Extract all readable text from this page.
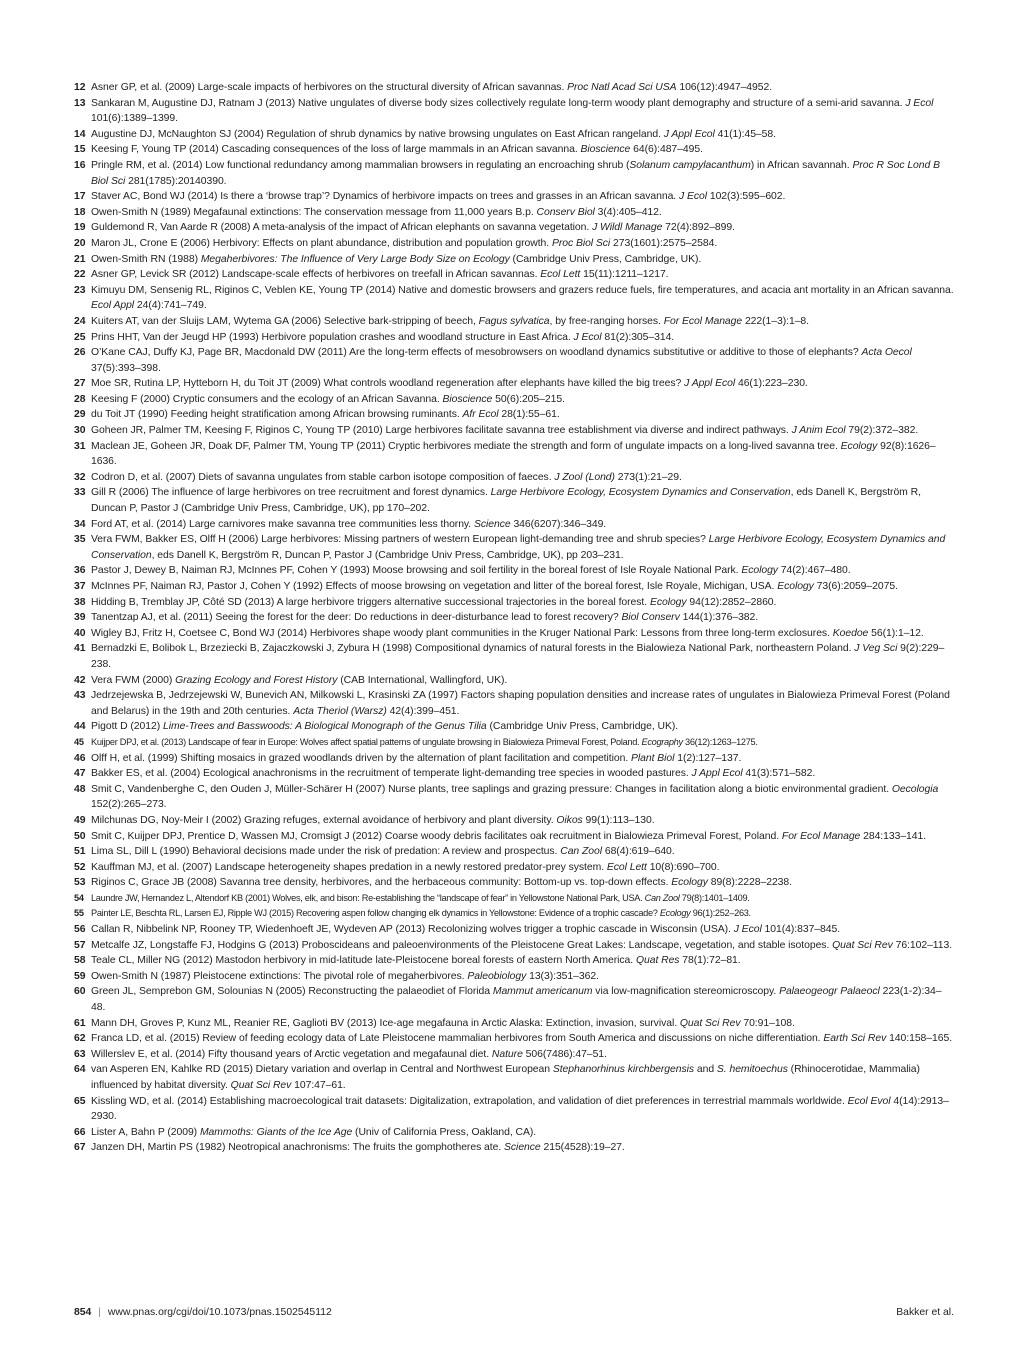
12 Asner GP, et al. (2009) Large-scale impacts of herbivores on the structural diversity of African savannas. Proc Natl Acad Sci USA 106(12):4947–4952.
13 Sankaran M, Augustine DJ, Ratnam J (2013) Native ungulates of diverse body sizes collectively regulate long-term woody plant demography and structure of a semi-arid savanna. J Ecol 101(6):1389–1399.
14 Augustine DJ, McNaughton SJ (2004) Regulation of shrub dynamics by native browsing ungulates on East African rangeland. J Appl Ecol 41(1):45–58.
15 Keesing F, Young TP (2014) Cascading consequences of the loss of large mammals in an African savanna. Bioscience 64(6):487–495.
16 Pringle RM, et al. (2014) Low functional redundancy among mammalian browsers in regulating an encroaching shrub (Solanum campylacanthum) in African savannah. Proc R Soc Lond B Biol Sci 281(1785):20140390.
17 Staver AC, Bond WJ (2014) Is there a ‘browse trap’? Dynamics of herbivore impacts on trees and grasses in an African savanna. J Ecol 102(3):595–602.
18 Owen-Smith N (1989) Megafaunal extinctions: The conservation message from 11,000 years B.p. Conserv Biol 3(4):405–412.
19 Guldemond R, Van Aarde R (2008) A meta-analysis of the impact of African elephants on savanna vegetation. J Wildl Manage 72(4):892–899.
20 Maron JL, Crone E (2006) Herbivory: Effects on plant abundance, distribution and population growth. Proc Biol Sci 273(1601):2575–2584.
21 Owen-Smith RN (1988) Megaherbivores: The Influence of Very Large Body Size on Ecology (Cambridge Univ Press, Cambridge, UK).
22 Asner GP, Levick SR (2012) Landscape-scale effects of herbivores on treefall in African savannas. Ecol Lett 15(11):1211–1217.
23 Kimuyu DM, Sensenig RL, Riginos C, Veblen KE, Young TP (2014) Native and domestic browsers and grazers reduce fuels, fire temperatures, and acacia ant mortality in an African savanna. Ecol Appl 24(4):741–749.
24 Kuiters AT, van der Sluijs LAM, Wytema GA (2006) Selective bark-stripping of beech, Fagus sylvatica, by free-ranging horses. For Ecol Manage 222(1–3):1–8.
25 Prins HHT, Van der Jeugd HP (1993) Herbivore population crashes and woodland structure in East Africa. J Ecol 81(2):305–314.
26 O’Kane CAJ, Duffy KJ, Page BR, Macdonald DW (2011) Are the long-term effects of mesobrowsers on woodland dynamics substitutive or additive to those of elephants? Acta Oecol 37(5):393–398.
27 Moe SR, Rutina LP, Hytteborn H, du Toit JT (2009) What controls woodland regeneration after elephants have killed the big trees? J Appl Ecol 46(1):223–230.
28 Keesing F (2000) Cryptic consumers and the ecology of an African Savanna. Bioscience 50(6):205–215.
29 du Toit JT (1990) Feeding height stratification among African browsing ruminants. Afr Ecol 28(1):55–61.
30 Goheen JR, Palmer TM, Keesing F, Riginos C, Young TP (2010) Large herbivores facilitate savanna tree establishment via diverse and indirect pathways. J Anim Ecol 79(2):372–382.
31 Maclean JE, Goheen JR, Doak DF, Palmer TM, Young TP (2011) Cryptic herbivores mediate the strength and form of ungulate impacts on a long-lived savanna tree. Ecology 92(8):1626–1636.
32 Codron D, et al. (2007) Diets of savanna ungulates from stable carbon isotope composition of faeces. J Zool (Lond) 273(1):21–29.
33 Gill R (2006) The influence of large herbivores on tree recruitment and forest dynamics. Large Herbivore Ecology, Ecosystem Dynamics and Conservation, eds Danell K, Bergström R, Duncan P, Pastor J (Cambridge Univ Press, Cambridge, UK), pp 170–202.
34 Ford AT, et al. (2014) Large carnivores make savanna tree communities less thorny. Science 346(6207):346–349.
35 Vera FWM, Bakker ES, Olff H (2006) Large herbivores: Missing partners of western European light-demanding tree and shrub species? Large Herbivore Ecology, Ecosystem Dynamics and Conservation, eds Danell K, Bergström R, Duncan P, Pastor J (Cambridge Univ Press, Cambridge, UK), pp 203–231.
36 Pastor J, Dewey B, Naiman RJ, McInnes PF, Cohen Y (1993) Moose browsing and soil fertility in the boreal forest of Isle Royale National Park. Ecology 74(2):467–480.
37 McInnes PF, Naiman RJ, Pastor J, Cohen Y (1992) Effects of moose browsing on vegetation and litter of the boreal forest, Isle Royale, Michigan, USA. Ecology 73(6):2059–2075.
38 Hidding B, Tremblay JP, Côté SD (2013) A large herbivore triggers alternative successional trajectories in the boreal forest. Ecology 94(12):2852–2860.
39 Tanentzap AJ, et al. (2011) Seeing the forest for the deer: Do reductions in deer-disturbance lead to forest recovery? Biol Conserv 144(1):376–382.
40 Wigley BJ, Fritz H, Coetsee C, Bond WJ (2014) Herbivores shape woody plant communities in the Kruger National Park: Lessons from three long-term exclosures. Koedoe 56(1):1–12.
41 Bernadzki E, Bolibok L, Brzeziecki B, Zajaczkowski J, Zybura H (1998) Compositional dynamics of natural forests in the Bialowieza National Park, northeastern Poland. J Veg Sci 9(2):229–238.
42 Vera FWM (2000) Grazing Ecology and Forest History (CAB International, Wallingford, UK).
43 Jedrzejewska B, Jedrzejewski W, Bunevich AN, Milkowski L, Krasinski ZA (1997) Factors shaping population densities and increase rates of ungulates in Bialowieza Primeval Forest (Poland and Belarus) in the 19th and 20th centuries. Acta Theriol (Warsz) 42(4):399–451.
44 Pigott D (2012) Lime-Trees and Basswoods: A Biological Monograph of the Genus Tilia (Cambridge Univ Press, Cambridge, UK).
45 Kuijper DPJ, et al. (2013) Landscape of fear in Europe: Wolves affect spatial patterns of ungulate browsing in Bialowieza Primeval Forest, Poland. Ecography 36(12):1263–1275.
46 Olff H, et al. (1999) Shifting mosaics in grazed woodlands driven by the alternation of plant facilitation and competition. Plant Biol 1(2):127–137.
47 Bakker ES, et al. (2004) Ecological anachronisms in the recruitment of temperate light-demanding tree species in wooded pastures. J Appl Ecol 41(3):571–582.
48 Smit C, Vandenberghe C, den Ouden J, Müller-Schärer H (2007) Nurse plants, tree saplings and grazing pressure: Changes in facilitation along a biotic environmental gradient. Oecologia 152(2):265–273.
49 Milchunas DG, Noy-Meir I (2002) Grazing refuges, external avoidance of herbivory and plant diversity. Oikos 99(1):113–130.
50 Smit C, Kuijper DPJ, Prentice D, Wassen MJ, Cromsigt J (2012) Coarse woody debris facilitates oak recruitment in Bialowieza Primeval Forest, Poland. For Ecol Manage 284:133–141.
51 Lima SL, Dill L (1990) Behavioral decisions made under the risk of predation: A review and prospectus. Can Zool 68(4):619–640.
52 Kauffman MJ, et al. (2007) Landscape heterogeneity shapes predation in a newly restored predator-prey system. Ecol Lett 10(8):690–700.
53 Riginos C, Grace JB (2008) Savanna tree density, herbivores, and the herbaceous community: Bottom-up vs. top-down effects. Ecology 89(8):2228–2238.
54 Laundre JW, Hernandez L, Altendorf KB (2001) Wolves, elk, and bison: Re-establishing the “landscape of fear” in Yellowstone National Park, USA. Can Zool 79(8):1401–1409.
55 Painter LE, Beschta RL, Larsen EJ, Ripple WJ (2015) Recovering aspen follow changing elk dynamics in Yellowstone: Evidence of a trophic cascade? Ecology 96(1):252–263.
56 Callan R, Nibbelink NP, Rooney TP, Wiedenhoeft JE, Wydeven AP (2013) Recolonizing wolves trigger a trophic cascade in Wisconsin (USA). J Ecol 101(4):837–845.
57 Metcalfe JZ, Longstaffe FJ, Hodgins G (2013) Proboscideans and paleoenvironments of the Pleistocene Great Lakes: Landscape, vegetation, and stable isotopes. Quat Sci Rev 76:102–113.
58 Teale CL, Miller NG (2012) Mastodon herbivory in mid-latitude late-Pleistocene boreal forests of eastern North America. Quat Res 78(1):72–81.
59 Owen-Smith N (1987) Pleistocene extinctions: The pivotal role of megaherbivores. Paleobiology 13(3):351–362.
60 Green JL, Semprebon GM, Solounias N (2005) Reconstructing the palaeodiet of Florida Mammut americanum via low-magnification stereomicroscopy. Palaeogeogr Palaeocl 223(1-2):34–48.
61 Mann DH, Groves P, Kunz ML, Reanier RE, Gaglioti BV (2013) Ice-age megafauna in Arctic Alaska: Extinction, invasion, survival. Quat Sci Rev 70:91–108.
62 Franca LD, et al. (2015) Review of feeding ecology data of Late Pleistocene mammalian herbivores from South America and discussions on niche differentiation. Earth Sci Rev 140:158–165.
63 Willerslev E, et al. (2014) Fifty thousand years of Arctic vegetation and megafaunal diet. Nature 506(7486):47–51.
64 van Asperen EN, Kahlke RD (2015) Dietary variation and overlap in Central and Northwest European Stephanorhinus kirchbergensis and S. hemitoechus (Rhinocerotidae, Mammalia) influenced by habitat diversity. Quat Sci Rev 107:47–61.
65 Kissling WD, et al. (2014) Establishing macroecological trait datasets: Digitalization, extrapolation, and validation of diet preferences in terrestrial mammals worldwide. Ecol Evol 4(14):2913–2930.
66 Lister A, Bahn P (2009) Mammoths: Giants of the Ice Age (Univ of California Press, Oakland, CA).
67 Janzen DH, Martin PS (1982) Neotropical anachronisms: The fruits the gomphotheres ate. Science 215(4528):19–27.
854 | www.pnas.org/cgi/doi/10.1073/pnas.1502545112	Bakker et al.
